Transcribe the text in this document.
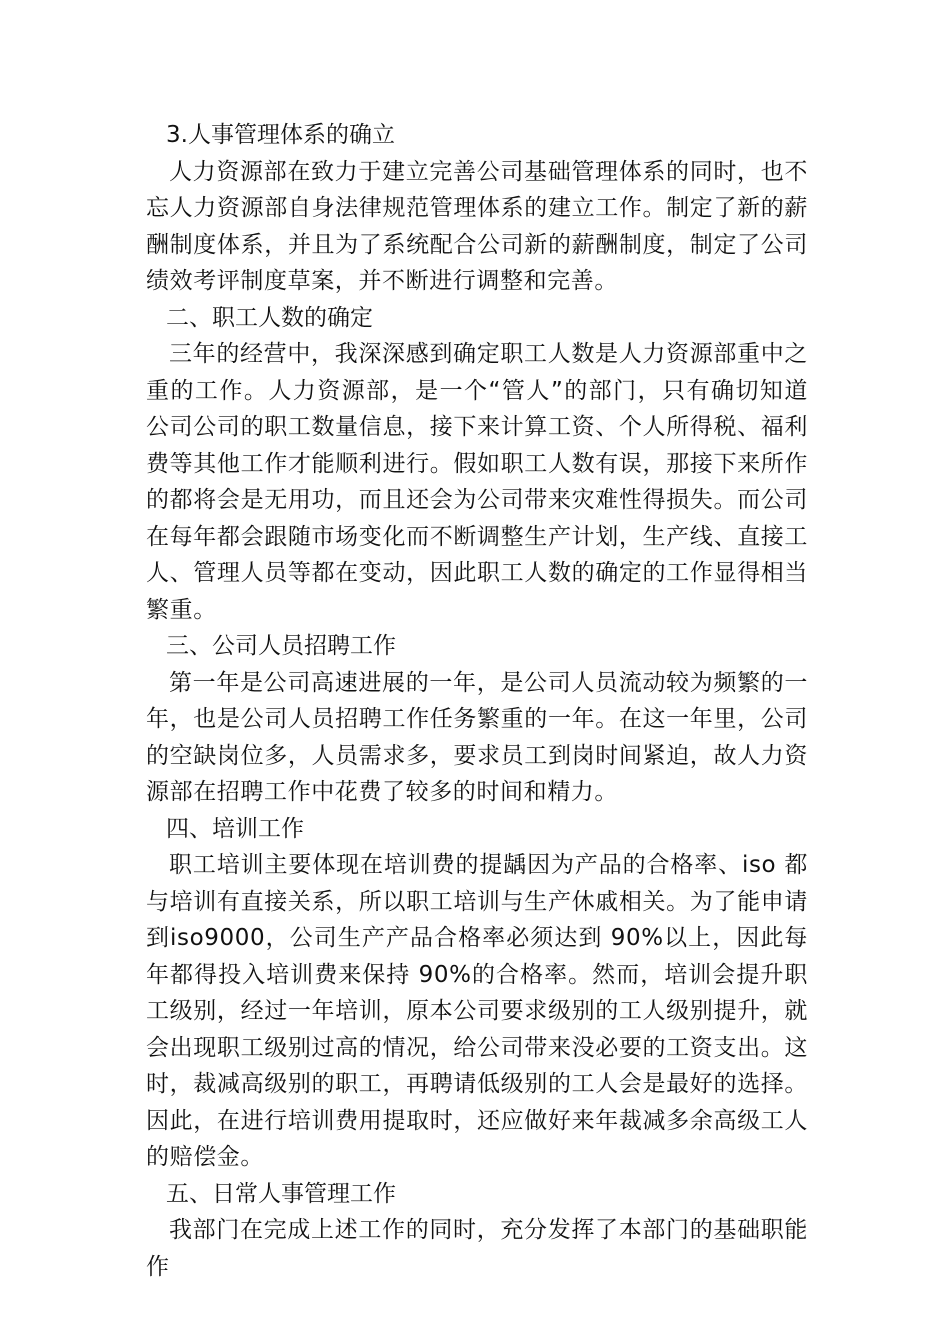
3.人事管理体系的确立

人力资源部在致力于建立完善公司基础管理体系的同时，也不忘人力资源部自身法律规范管理体系的建立工作。制定了新的薪酬制度体系，并且为了系统配合公司新的薪酬制度，制定了公司绩效考评制度草案，并不断进行调整和完善。

二、职工人数的确定

三年的经营中，我深深感到确定职工人数是人力资源部重中之重的工作。人力资源部，是一个“管人”的部门，只有确切知道公司公司的职工数量信息，接下来计算工资、个人所得税、福利费等其他工作才能顺利进行。假如职工人数有误，那接下来所作的都将会是无用功，而且还会为公司带来灾难性得损失。而公司在每年都会跟随市场变化而不断调整生产计划，生产线、直接工人、管理人员等都在变动，因此职工人数的确定的工作显得相当繁重。

三、公司人员招聘工作

第一年是公司高速进展的一年，是公司人员流动较为频繁的一年，也是公司人员招聘工作任务繁重的一年。在这一年里，公司的空缺岗位多，人员需求多，要求员工到岗时间紧迫，故人力资源部在招聘工作中花费了较多的时间和精力。

四、培训工作

职工培训主要体现在培训费的提龋因为产品的合格率、iso 都与培训有直接关系，所以职工培训与生产休戚相关。为了能申请到iso9000，公司生产产品合格率必须达到 90%以上，因此每年都得投入培训费来保持 90%的合格率。然而，培训会提升职工级别，经过一年培训，原本公司要求级别的工人级别提升，就会出现职工级别过高的情况，给公司带来没必要的工资支出。这时，裁减高级别的职工，再聘请低级别的工人会是最好的选择。因此，在进行培训费用提取时，还应做好来年裁减多余高级工人的赔偿金。

五、日常人事管理工作

我部门在完成上述工作的同时，充分发挥了本部门的基础职能作
